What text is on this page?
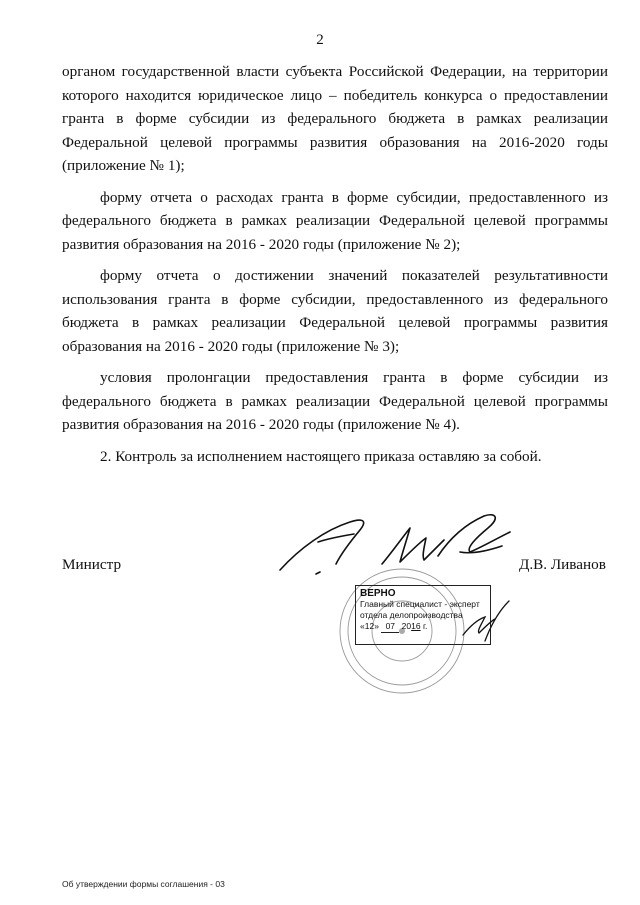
2

органом государственной власти субъекта Российской Федерации, на территории которого находится юридическое лицо – победитель конкурса о предоставлении гранта в форме субсидии из федерального бюджета в рамках реализации Федеральной целевой программы развития образования на 2016-2020 годы (приложение № 1);

форму отчета о расходах гранта в форме субсидии, предоставленного из федерального бюджета в рамках реализации Федеральной целевой программы развития образования на 2016 - 2020 годы (приложение № 2);

форму отчета о достижении значений показателей результативности использования гранта в форме субсидии, предоставленного из федерального бюджета в рамках реализации Федеральной целевой программы развития образования на 2016 - 2020 годы (приложение № 3);

условия пролонгации предоставления гранта в форме субсидии из федерального бюджета в рамках реализации Федеральной целевой программы развития образования на 2016 - 2020 годы (приложение № 4).

2. Контроль за исполнением настоящего приказа оставляю за собой.

Министр	Д.В. Ливанов
ВЕРНО
Главный специалист - эксперт
отдела делопроизводства
«12» 07 2016 г.
Об утверждении формы соглашения - 03
